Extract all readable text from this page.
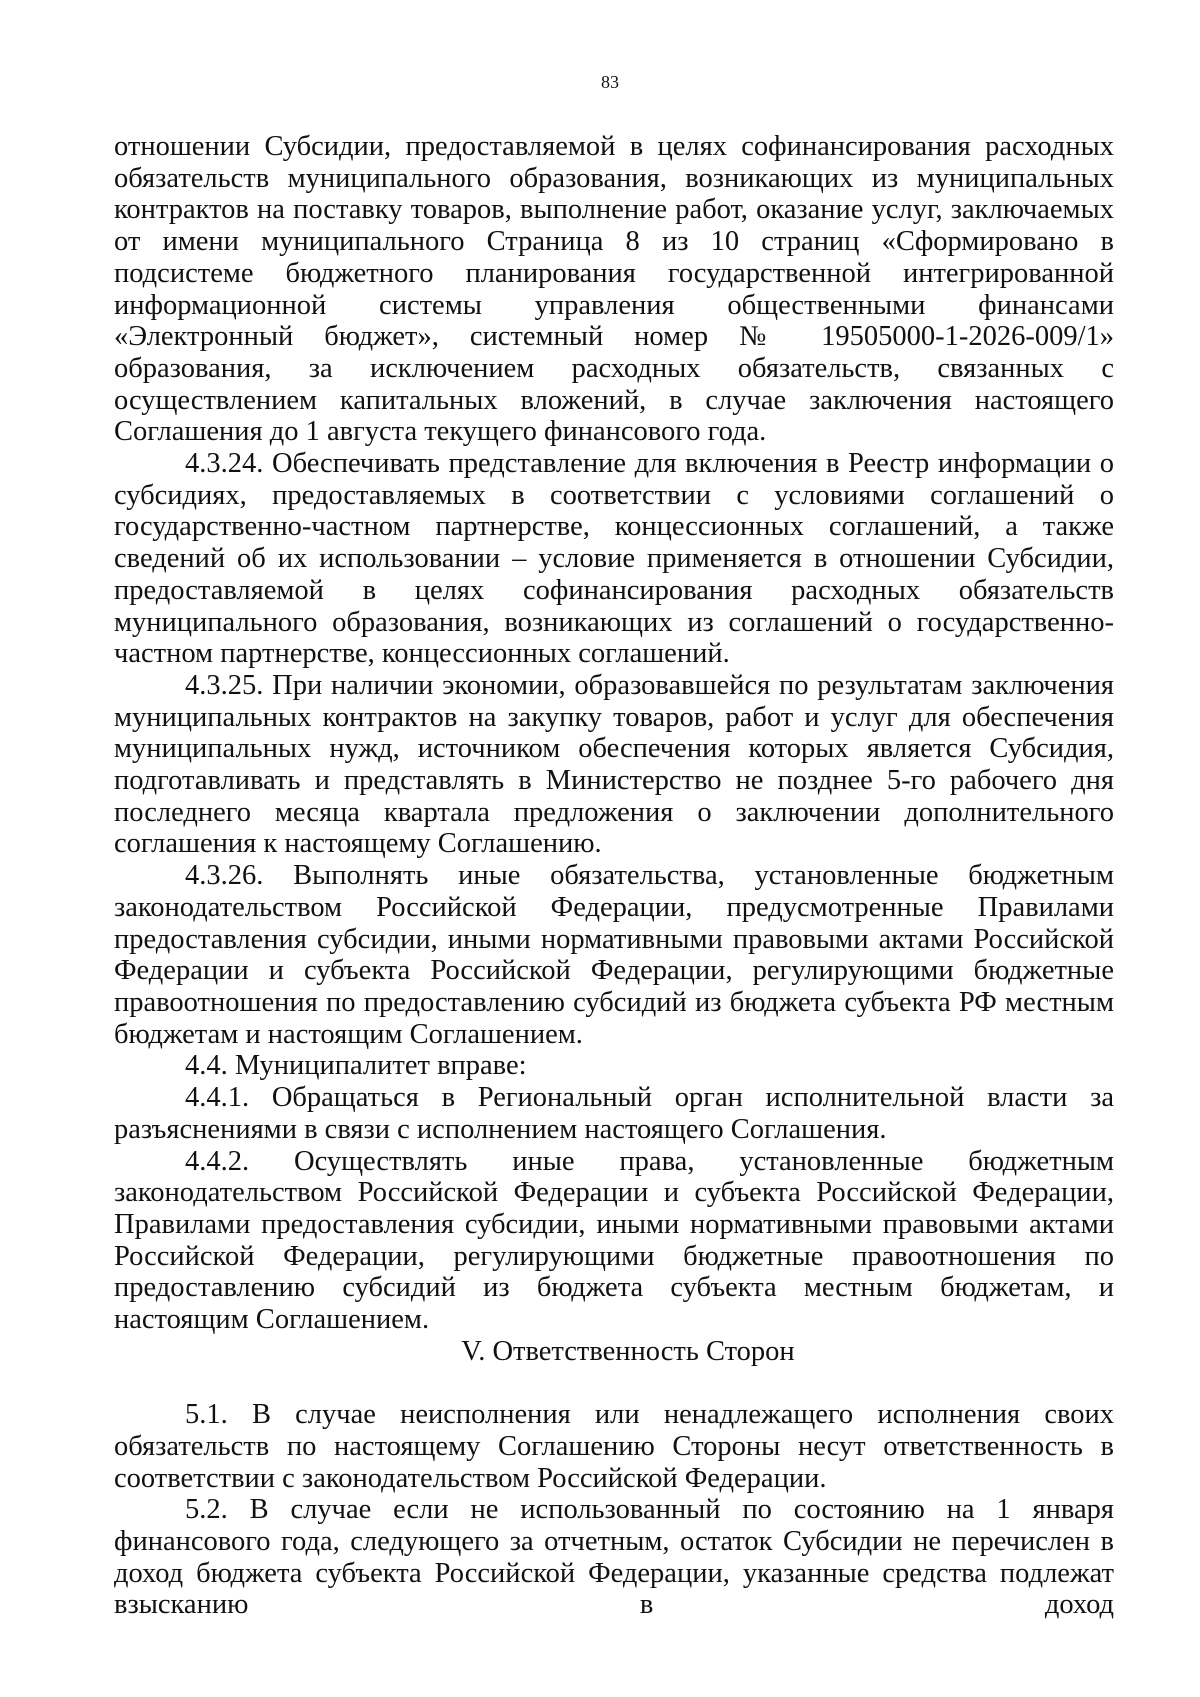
83

отношении Субсидии, предоставляемой в целях софинансирования расходных обязательств муниципального образования, возникающих из муниципальных контрактов на поставку товаров, выполнение работ, оказание услуг, заключаемых от имени муниципального Страница 8 из 10 страниц «Сформировано в подсистеме бюджетного планирования государственной интегрированной информационной системы управления общественными финансами «Электронный бюджет», системный номер № 19505000-1-2026-009/1» образования, за исключением расходных обязательств, связанных с осуществлением капитальных вложений, в случае заключения настоящего Соглашения до 1 августа текущего финансового года.

4.3.24. Обеспечивать представление для включения в Реестр информации о субсидиях, предоставляемых в соответствии с условиями соглашений о государственно-частном партнерстве, концессионных соглашений, а также сведений об их использовании – условие применяется в отношении Субсидии, предоставляемой в целях софинансирования расходных обязательств муниципального образования, возникающих из соглашений о государственно-частном партнерстве, концессионных соглашений.

4.3.25. При наличии экономии, образовавшейся по результатам заключения муниципальных контрактов на закупку товаров, работ и услуг для обеспечения муниципальных нужд, источником обеспечения которых является Субсидия, подготавливать и представлять в Министерство не позднее 5-го рабочего дня последнего месяца квартала предложения о заключении дополнительного соглашения к настоящему Соглашению.

4.3.26. Выполнять иные обязательства, установленные бюджетным законодательством Российской Федерации, предусмотренные Правилами предоставления субсидии, иными нормативными правовыми актами Российской Федерации и субъекта Российской Федерации, регулирующими бюджетные правоотношения по предоставлению субсидий из бюджета субъекта РФ местным бюджетам и настоящим Соглашением.

4.4. Муниципалитет вправе:

4.4.1. Обращаться в Региональный орган исполнительной власти за разъяснениями в связи с исполнением настоящего Соглашения.

4.4.2. Осуществлять иные права, установленные бюджетным законодательством Российской Федерации и субъекта Российской Федерации, Правилами предоставления субсидии, иными нормативными правовыми актами Российской Федерации, регулирующими бюджетные правоотношения по предоставлению субсидий из бюджета субъекта местным бюджетам, и настоящим Соглашением.

V. Ответственность Сторон

5.1. В случае неисполнения или ненадлежащего исполнения своих обязательств по настоящему Соглашению Стороны несут ответственность в соответствии с законодательством Российской Федерации.

5.2. В случае если не использованный по состоянию на 1 января финансового года, следующего за отчетным, остаток Субсидии не перечислен в доход бюджета субъекта Российской Федерации, указанные средства подлежат взысканию в доход
